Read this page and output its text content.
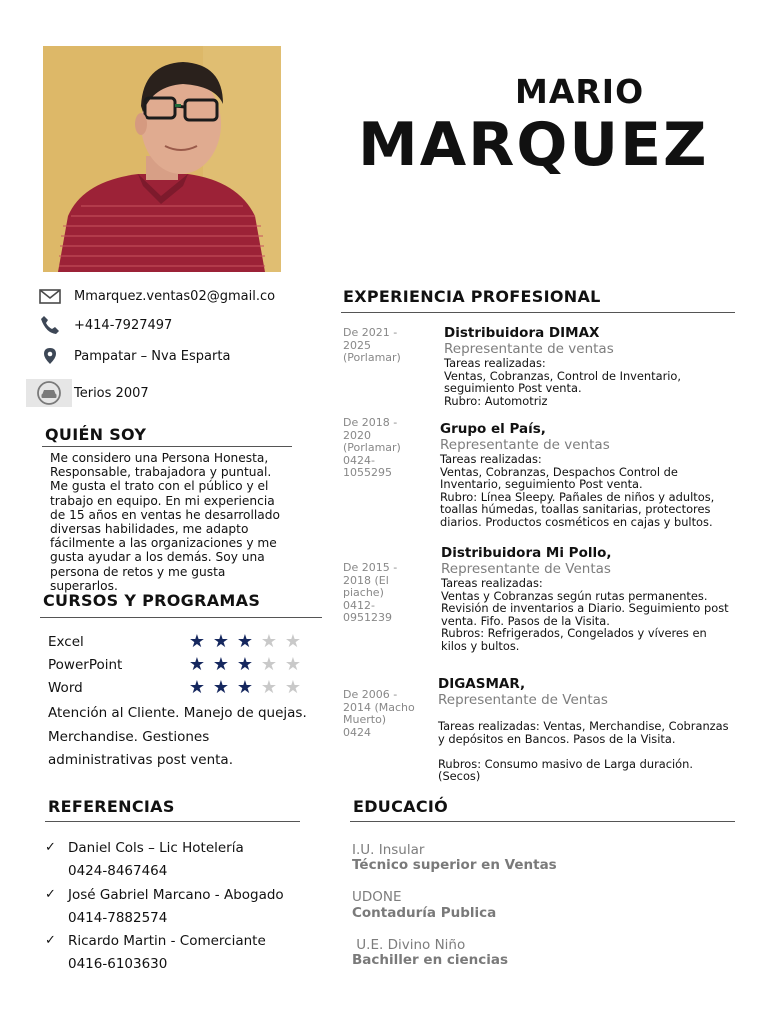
MARIO
MARQUEZ
Mmarquez.ventas02@gmail.co
+414-7927497
Pampatar – Nva Esparta
Terios 2007
QUIÉN SOY
Me considero una Persona Honesta, Responsable, trabajadora y puntual. Me gusta el trato con el público y el trabajo en equipo. En mi experiencia de 15 años en ventas he desarrollado diversas habilidades, me adapto fácilmente a las organizaciones y me gusta ayudar a los demás. Soy una persona de retos y me gusta superarlos.
CURSOS Y PROGRAMAS
Excel	★ ★ ★ ★ ★
PowerPoint	★ ★ ★ ★ ★
Word	★ ★ ★ ★ ★
Atención al Cliente. Manejo de quejas.
Merchandise. Gestiones
administrativas post venta.
EXPERIENCIA PROFESIONAL
De 2021 - 2025 (Porlamar)
Distribuidora DIMAX
Representante de ventas
Tareas realizadas:
Ventas, Cobranzas, Control de Inventario, seguimiento Post venta.
Rubro: Automotriz
De 2018 - 2020 (Porlamar) 0424-1055295
Grupo el País,
Representante de ventas
Tareas realizadas:
Ventas, Cobranzas, Despachos Control de Inventario, seguimiento Post venta.
Rubro: Línea Sleepy. Pañales de niños y adultos, toallas húmedas, toallas sanitarias, protectores diarios. Productos cosméticos en cajas y bultos.
De 2015 - 2018 (El piache) 0412-0951239
Distribuidora Mi Pollo,
Representante de Ventas
Tareas realizadas:
Ventas y Cobranzas según rutas permanentes. Revisión de inventarios a Diario. Seguimiento post venta. Fifo. Pasos de la Visita.
Rubros: Refrigerados, Congelados y víveres en kilos y bultos.
De 2006 - 2014 (Macho Muerto) 0424
DIGASMAR,
Representante de Ventas
Tareas realizadas: Ventas, Merchandise, Cobranzas y depósitos en Bancos. Pasos de la Visita.

Rubros: Consumo masivo de Larga duración. (Secos)
REFERENCIAS
✓ Daniel Cols – Lic Hotelería
0424-8467464
✓ José Gabriel Marcano - Abogado
0414-7882574
✓ Ricardo Martin - Comerciante
0416-6103630
EDUCACIÓ
I.U. Insular
Técnico superior en Ventas
UDONE
Contaduría Publica
U.E. Divino Niño
Bachiller en ciencias
